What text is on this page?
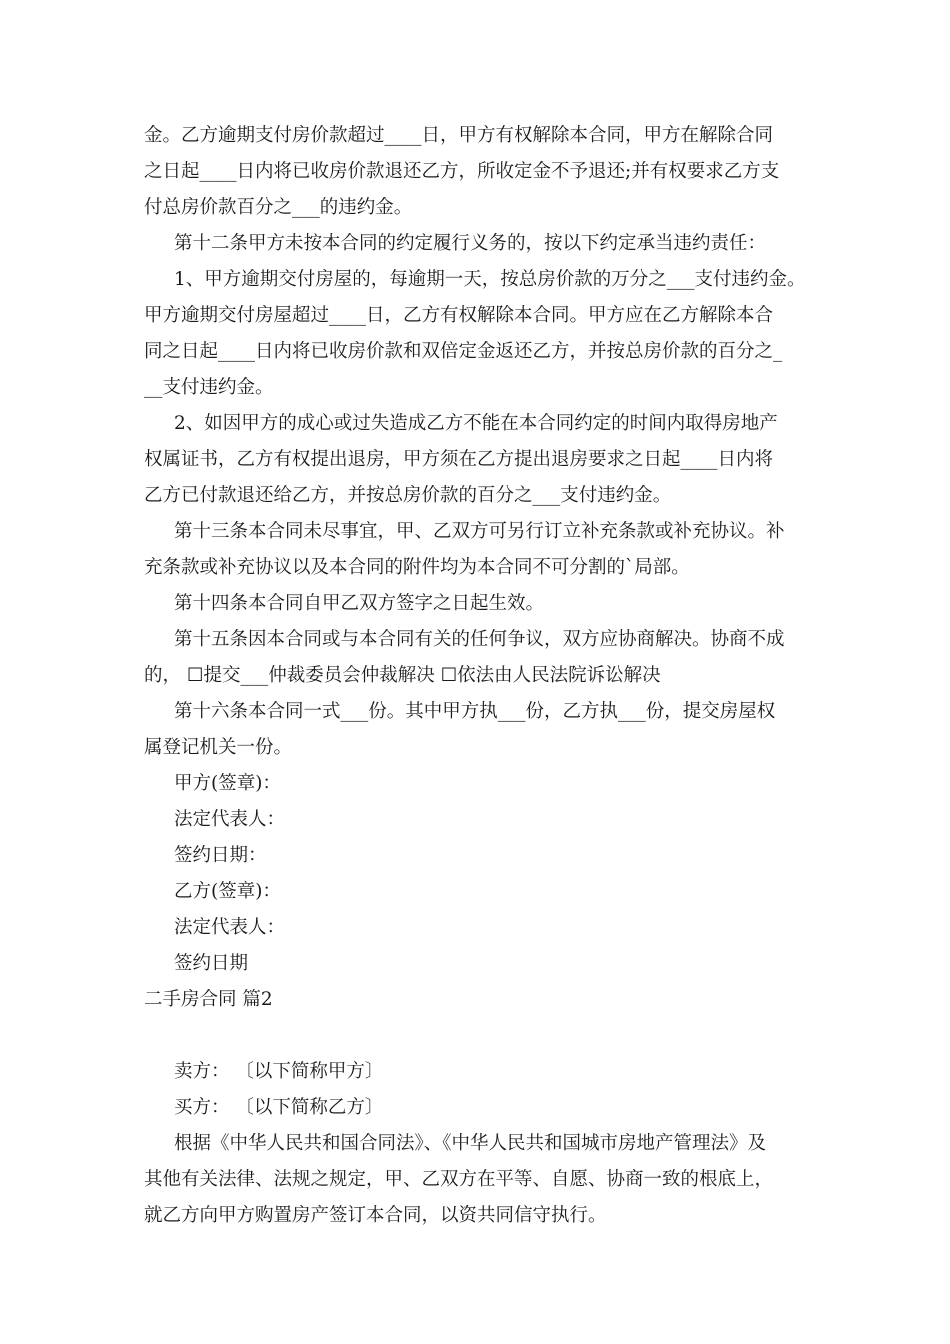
金。乙方逾期支付房价款超过____日，甲方有权解除本合同，甲方在解除合同
之日起____日内将已收房价款退还乙方，所收定金不予退还;并有权要求乙方支
付总房价款百分之___的违约金。
第十二条甲方未按本合同的约定履行义务的，按以下约定承当违约责任：
1、甲方逾期交付房屋的，每逾期一天，按总房价款的万分之___支付违约金。
甲方逾期交付房屋超过____日，乙方有权解除本合同。甲方应在乙方解除本合
同之日起____日内将已收房价款和双倍定金返还乙方，并按总房价款的百分之_
__支付违约金。
2、如因甲方的成心或过失造成乙方不能在本合同约定的时间内取得房地产
权属证书，乙方有权提出退房，甲方须在乙方提出退房要求之日起____日内将
乙方已付款退还给乙方，并按总房价款的百分之___支付违约金。
第十三条本合同未尽事宜，甲、乙双方可另行订立补充条款或补充协议。补
充条款或补充协议以及本合同的附件均为本合同不可分割的`局部。
第十四条本合同自甲乙双方签字之日起生效。
第十五条因本合同或与本合同有关的任何争议，双方应协商解决。协商不成
的， ☐提交___仲裁委员会仲裁解决 ☐依法由人民法院诉讼解决
第十六条本合同一式___份。其中甲方执___份，乙方执___份，提交房屋权
属登记机关一份。
甲方(签章)：
法定代表人：
签约日期：
乙方(签章)：
法定代表人：
签约日期
二手房合同 篇2
卖方： 〔以下简称甲方〕
买方： 〔以下简称乙方〕
根据《中华人民共和国合同法》、《中华人民共和国城市房地产管理法》及
其他有关法律、法规之规定，甲、乙双方在平等、自愿、协商一致的根底上，
就乙方向甲方购置房产签订本合同，以资共同信守执行。
